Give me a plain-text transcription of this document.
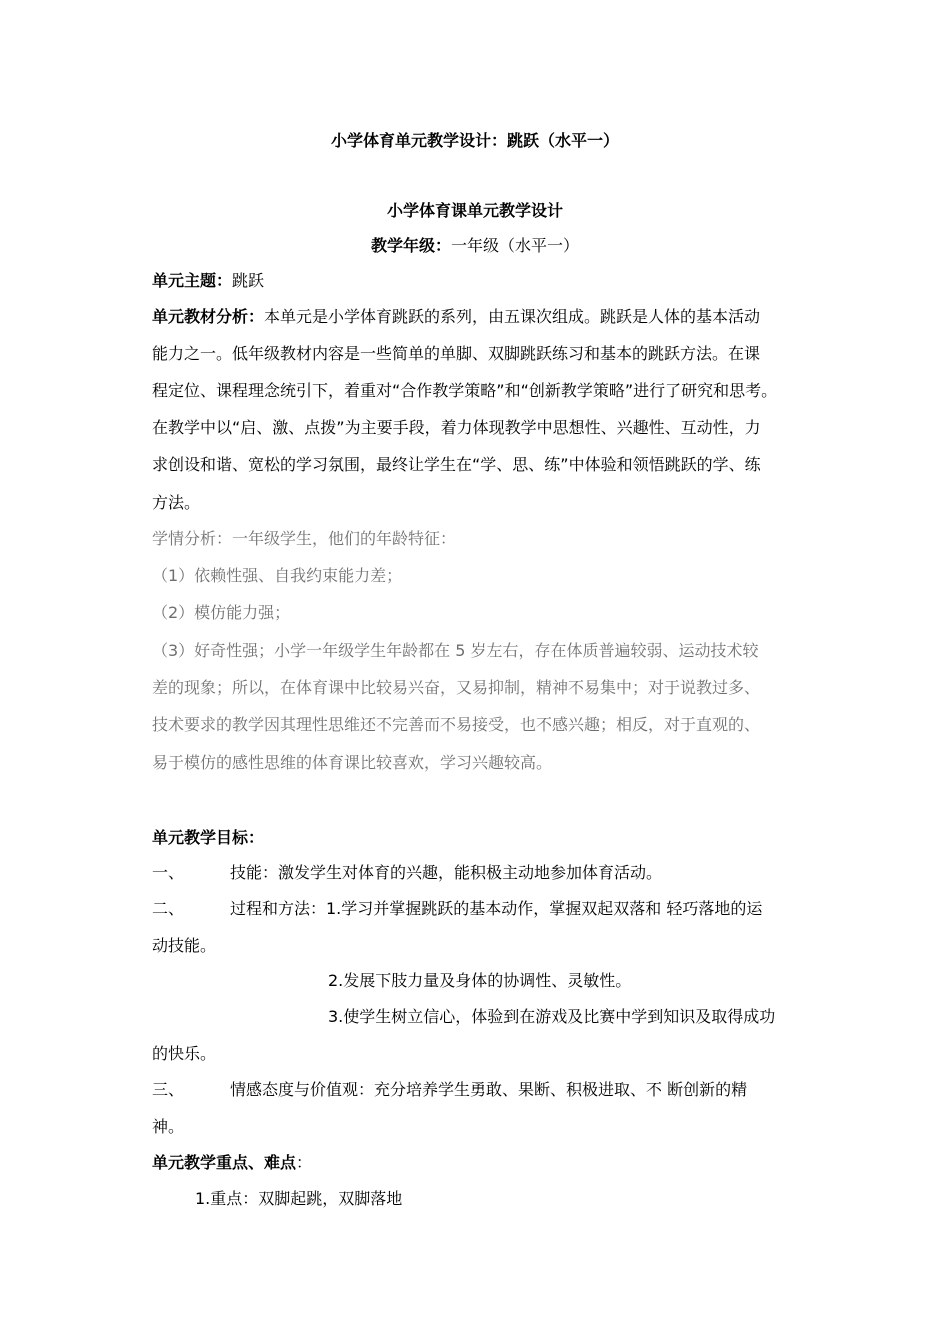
小学体育单元教学设计：跳跃（水平一）
小学体育课单元教学设计
教学年级：一年级（水平一）
单元主题：跳跃
单元教材分析：本单元是小学体育跳跃的系列，由五课次组成。跳跃是人体的基本活动
能力之一。低年级教材内容是一些简单的单脚、双脚跳跃练习和基本的跳跃方法。在课
程定位、课程理念统引下，着重对“合作教学策略”和“创新教学策略”进行了研究和思考。
在教学中以“启、激、点拨”为主要手段，着力体现教学中思想性、兴趣性、互动性，力
求创设和谐、宽松的学习氛围，最终让学生在“学、思、练”中体验和领悟跳跃的学、练
方法。
学情分析：一年级学生，他们的年龄特征：
（1）依赖性强、自我约束能力差；
（2）模仿能力强；
（3）好奇性强；小学一年级学生年龄都在 5 岁左右，存在体质普遍较弱、运动技术较
差的现象；所以，在体育课中比较易兴奋，又易抑制，精神不易集中；对于说教过多、
技术要求的教学因其理性思维还不完善而不易接受，也不感兴趣；相反，对于直观的、
易于模仿的感性思维的体育课比较喜欢，学习兴趣较高。
单元教学目标：
一、	技能：激发学生对体育的兴趣，能积极主动地参加体育活动。
二、	过程和方法：1.学习并掌握跳跃的基本动作，掌握双起双落和 轻巧落地的运
动技能。
2.发展下肢力量及身体的协调性、灵敏性。
3.使学生树立信心，体验到在游戏及比赛中学到知识及取得成功
的快乐。
三、	情感态度与价值观：充分培养学生勇敢、果断、积极进取、不 断创新的精
神。
单元教学重点、难点：
1.重点：双脚起跳，双脚落地
